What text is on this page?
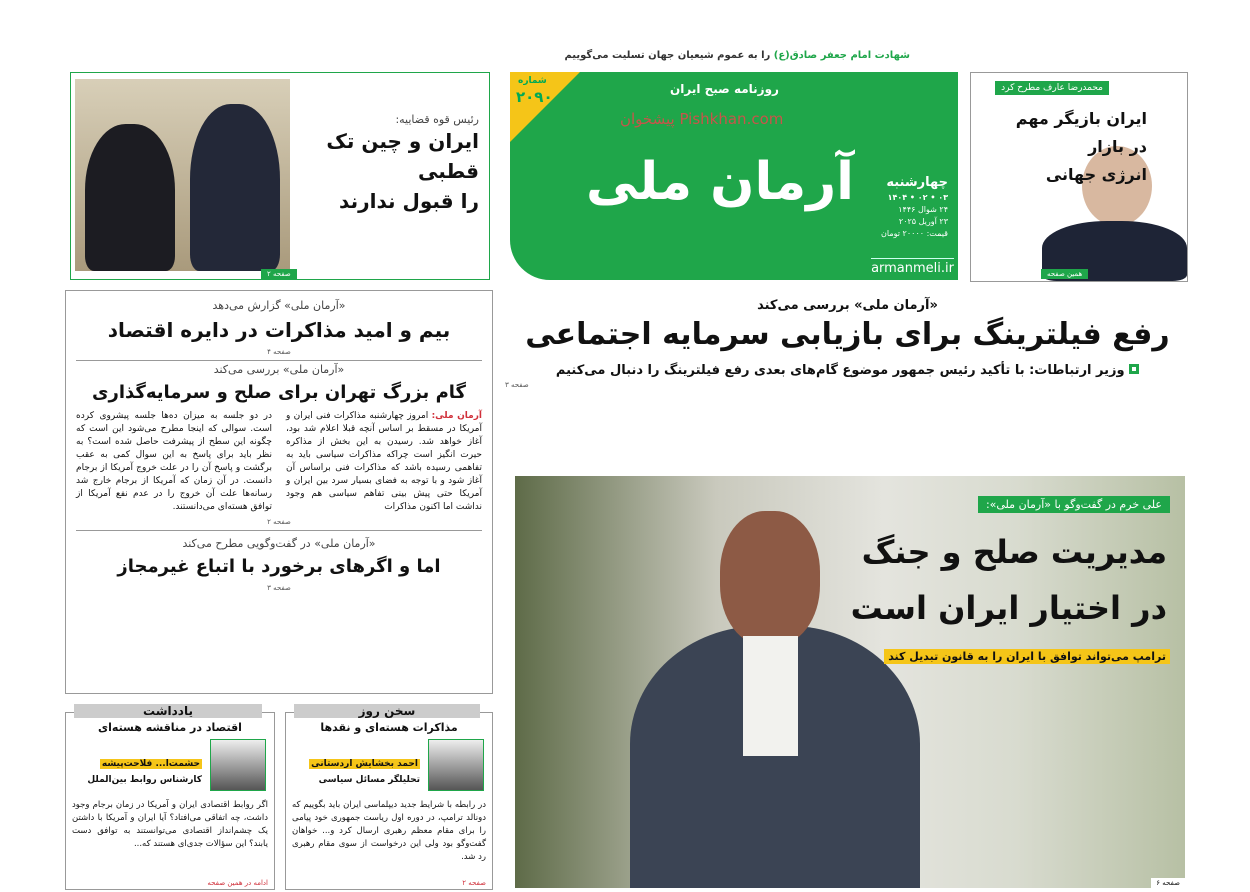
شهادت امام جعفر صادق(ع) را به عموم شیعیان جهان تسلیت می‌گوییم
شماره
۲۰۹۰	روزنامه صبح ایران
پیشخوان Pishkhan.com
آرمان ملی	چهارشنبه
۰۳ • ۰۲ • ۱۴۰۴
۲۴ شوال ۱۴۴۶
۲۳ آوریل ۲۰۲۵
قیمت: ۲۰۰۰۰ تومان
armanmeli.ir
رئیس قوه قضاییه:
ایران و چین تک قطبی
را قبول ندارند
صفحه ۲
محمدرضا عارف مطرح کرد
ایران بازیگر مهم
در بازار
انرژی جهانی
همین صفحه
«آرمان ملی» بررسی می‌کند
رفع فیلترینگ برای بازیابی سرمایه اجتماعی
وزیر ارتباطات: با تأکید رئیس جمهور موضوع گام‌های بعدی رفع فیلترینگ را دنبال می‌کنیم
صفحه ۳
علی خرم در گفت‌وگو با «آرمان ملی»:
مدیریت صلح و جنگ
در اختیار ایران است
ترامپ می‌تواند توافق با ایران را به قانون تبدیل کند
صفحه ۶
«آرمان ملی» گزارش می‌دهد
بیم و امید مذاکرات در دایره اقتصاد
صفحه ۴
«آرمان ملی» بررسی می‌کند
گام بزرگ تهران برای صلح و سرمایه‌گذاری

آرمان ملی: امروز چهارشنبه مذاکرات فنی ایران و آمریکا در مسقط بر اساس آنچه قبلا اعلام شد بود، آغاز خواهد شد. رسیدن به این بخش از مذاکره حیرت انگیز است چراکه مذاکرات سیاسی باید به تفاهمی رسیده باشد که مذاکرات فنی براساس آن آغاز شود و با توجه به فضای بسیار سرد بین ایران و آمریکا حتی پیش بینی تفاهم سیاسی هم وجود نداشت اما اکنون مذاکرات

در دو جلسه به میزان ده‌ها جلسه پیشروی کرده است. سوالی که اینجا مطرح می‌شود این است که چگونه این سطح از پیشرفت حاصل شده است؟ به نظر باید برای پاسخ به این سوال کمی به عقب برگشت و پاسخ آن را در علت خروج آمریکا از برجام دانست. در آن زمان که آمریکا از برجام خارج شد رسانه‌ها علت آن خروج را در عدم نفع آمریکا از توافق هسته‌ای می‌دانستند.

صفحه ۲
«آرمان ملی» در گفت‌وگویی مطرح می‌کند
اما و اگرهای برخورد با اتباع غیرمجاز
صفحه ۳
سخن روز
مذاکرات هسته‌ای و نقدها
احمد بخشایش اردستانی
تحلیلگر مسائل سیاسی
در رابطه با شرایط جدید دیپلماسی ایران باید بگوییم که دونالد ترامپ، در دوره اول ریاست جمهوری خود پیامی را برای مقام معظم رهبری ارسال کرد و... خواهان گفت‌وگو بود ولی این درخواست از سوی مقام رهبری رد شد.
صفحه ۲
یادداشت
اقتصاد در مناقشه هسته‌ای
حشمت‌ا... فلاحت‌پیشه
کارشناس روابط بین‌الملل
اگر روابط اقتصادی ایران و آمریکا در زمان برجام وجود داشت، چه اتفاقی می‌افتاد؟ آیا ایران و آمریکا با داشتن یک چشم‌انداز اقتصادی می‌توانستند به توافق دست یابند؟ این سؤالات جدی‌ای هستند که...
ادامه در همین صفحه
